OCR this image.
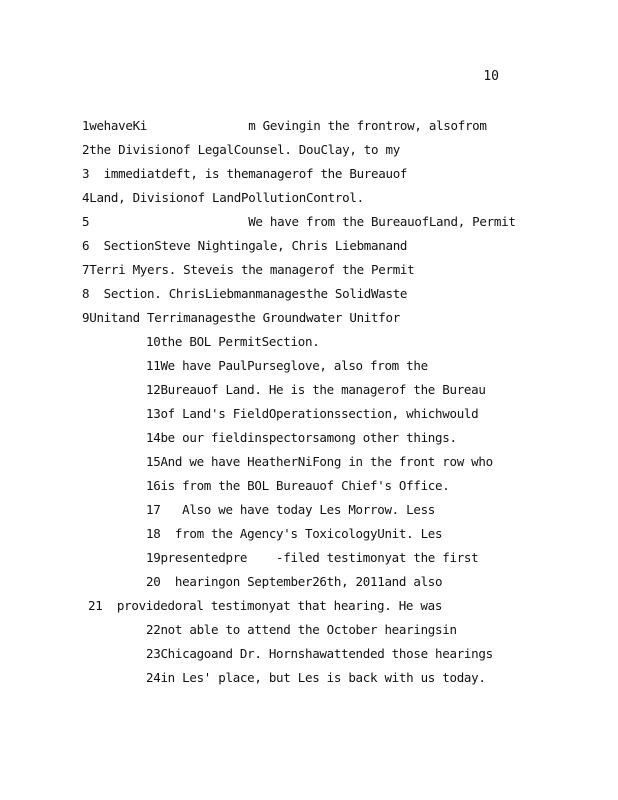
10
1wehaveKi              m Gevingin the frontrow, alsofrom
2the Divisionof LegalCounsel. DouClay, to my
3  immediatdeft, is themanagerof the Bureauof
4Land, Divisionof LandPollutionControl.
5                      We have from the BureauofLand, Permit
6  SectionSteve Nightingale, Chris Liebmanand
7Terri Myers. Steveis the managerof the Permit
8  Section. ChrisLiebmanmanagesthe SolidWaste
9Unitand Terrimanagesthe Groundwater Unitfor
10the BOL PermitSection.
11We have PaulPurseglove, also from the
12Bureauof Land. He is the managerof the Bureau
13of Land's FieldOperationssection, whichwould
14be our fieldinspectorsamong other things.
15And we have HeatherNiFong in the front row who
16is from the BOL Bureauof Chief's Office.
17   Also we have today Les Morrow. Less
18  from the Agency's ToxicologyUnit. Les
19presentedpre    -filed testimonyat the first
20  hearingon September26th, 2011and also
21  providedoral testimonyat that hearing. He was
22not able to attend the October hearingsin
23Chicagoand Dr. Hornshawattended those hearings
24in Les' place, but Les is back with us today.
